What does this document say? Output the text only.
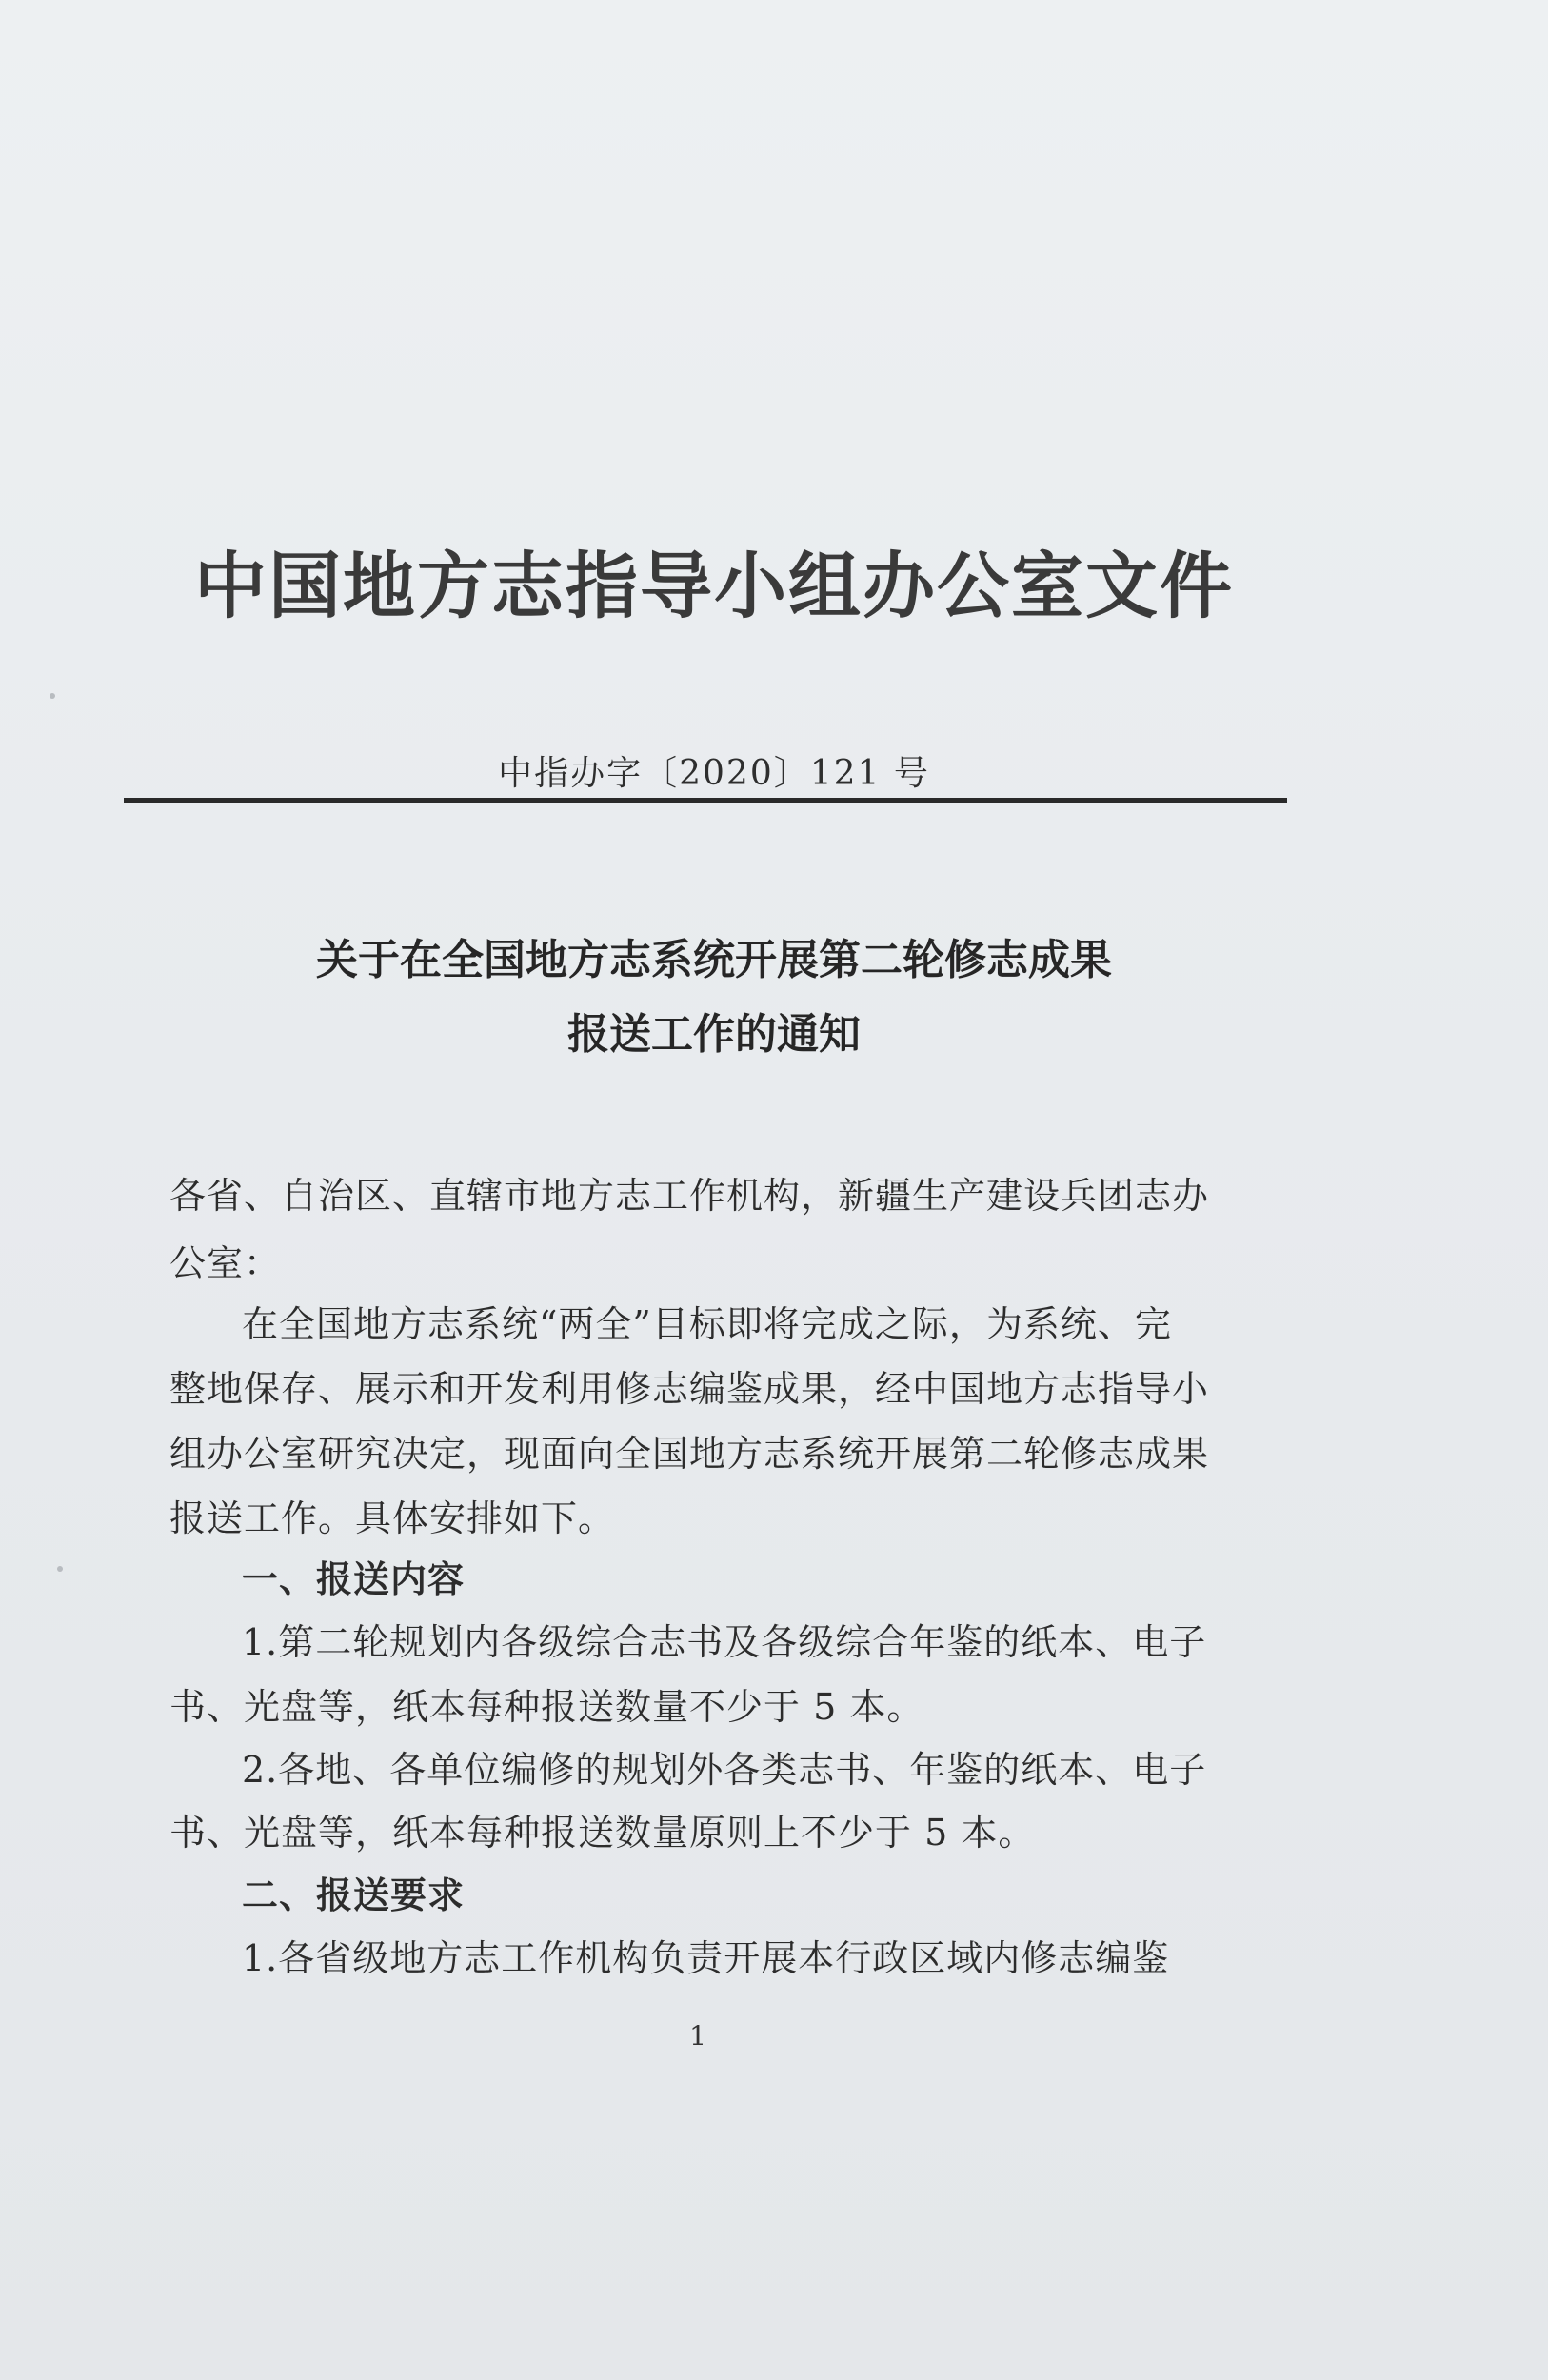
中国地方志指导小组办公室文件
中指办字〔2020〕121 号
关于在全国地方志系统开展第二轮修志成果
报送工作的通知
各省、自治区、直辖市地方志工作机构，新疆生产建设兵团志办
公室：
在全国地方志系统“两全”目标即将完成之际，为系统、完
整地保存、展示和开发利用修志编鉴成果，经中国地方志指导小
组办公室研究决定，现面向全国地方志系统开展第二轮修志成果
报送工作。具体安排如下。
一、报送内容
1.第二轮规划内各级综合志书及各级综合年鉴的纸本、电子
书、光盘等，纸本每种报送数量不少于 5 本。
2.各地、各单位编修的规划外各类志书、年鉴的纸本、电子
书、光盘等，纸本每种报送数量原则上不少于 5 本。
二、报送要求
1.各省级地方志工作机构负责开展本行政区域内修志编鉴
1
